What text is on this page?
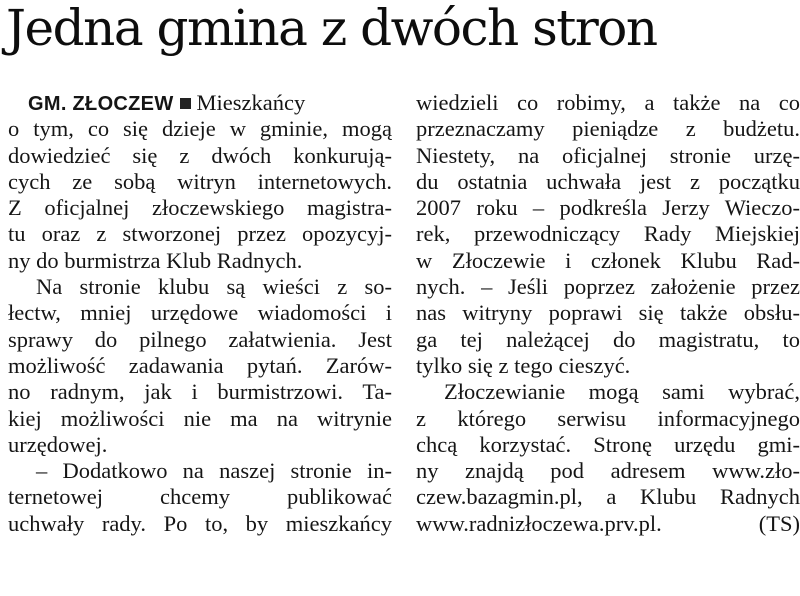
Jedna gmina z dwóch stron
GM. ZŁOCZEW Mieszkańcy
o tym, co się dzieje w gminie, mogą
dowiedzieć się z dwóch konkurują-
cych ze sobą witryn internetowych.
Z oficjalnej złoczewskiego magistra-
tu oraz z stworzonej przez opozycyj-
ny do burmistrza Klub Radnych.
Na stronie klubu są wieści z so-
łectw, mniej urzędowe wiadomości i
sprawy do pilnego załatwienia. Jest
możliwość zadawania pytań. Zarów-
no radnym, jak i burmistrzowi. Ta-
kiej możliwości nie ma na witrynie
urzędowej.
– Dodatkowo na naszej stronie in-
ternetowej chcemy publikować
uchwały rady. Po to, by mieszkańcy
wiedzieli co robimy, a także na co
przeznaczamy pieniądze z budżetu.
Niestety, na oficjalnej stronie urzę-
du ostatnia uchwała jest z początku
2007 roku – podkreśla Jerzy Wieczo-
rek, przewodniczący Rady Miejskiej
w Złoczewie i członek Klubu Rad-
nych. – Jeśli poprzez założenie przez
nas witryny poprawi się także obsłu-
ga tej należącej do magistratu, to
tylko się z tego cieszyć.
Złoczewianie mogą sami wybrać,
z którego serwisu informacyjnego
chcą korzystać. Stronę urzędu gmi-
ny znajdą pod adresem www.zło-
czew.bazagmin.pl, a Klubu Radnych
www.radnizłoczewa.prv.pl. (TS)
